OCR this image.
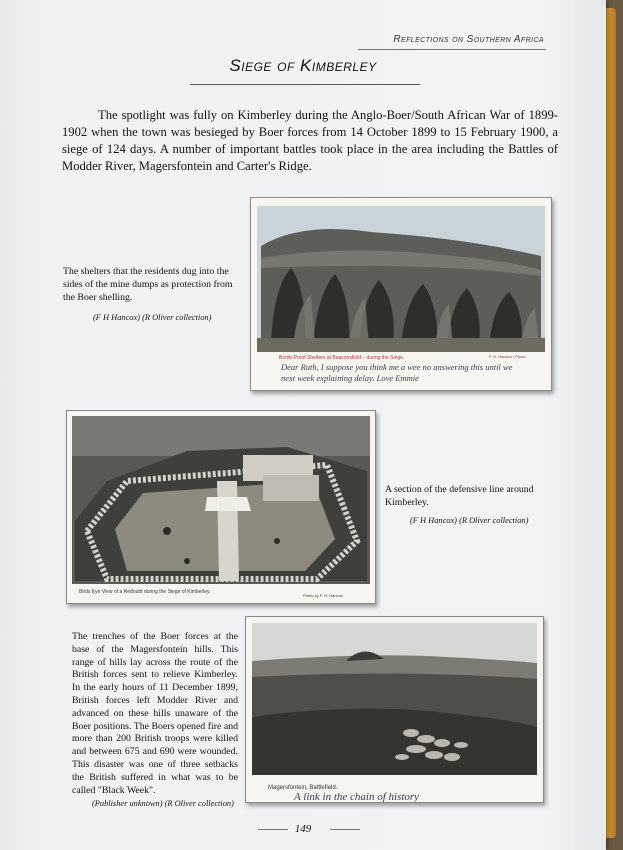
Reflections on Southern Africa
Siege of Kimberley
The spotlight was fully on Kimberley during the Anglo-Boer/South African War of 1899-1902 when the town was besieged by Boer forces from 14 October 1899 to 15 February 1900, a siege of 124 days. A number of important battles took place in the area including the Battles of Modder River, Magersfontein and Carter's Ridge.
Bomb-Proof Shelters at Beaconsfield – during the Siege.	F. H. Hancox / Photo
Dear Ruth, I suppose you think me a wee no answering this until we
next week explaining delay. Love Emmie
The shelters that the residents dug into the sides of the mine dumps as protection from the Boer shelling.
(F H Hancox) (R Oliver collection)
Birds Eye View of a Redoubt during the Siege of Kimberley.
Photo by F. H. Hancox.
A section of the defensive line around Kimberley.
(F H Hancox) (R Oliver collection)
Magersfontein, Battlefield.
A link in the chain of history
The trenches of the Boer forces at the base of the Magersfontein hills. This range of hills lay across the route of the British forces sent to relieve Kimberley. In the early hours of 11 December 1899, British forces left Modder River and advanced on these hills unaware of the Boer positions. The Boers opened fire and more than 200 British troops were killed and between 675 and 690 were wounded. This disaster was one of three setbacks the British suffered in what was to be called "Black Week".
(Publisher unknown) (R Oliver collection)
149
